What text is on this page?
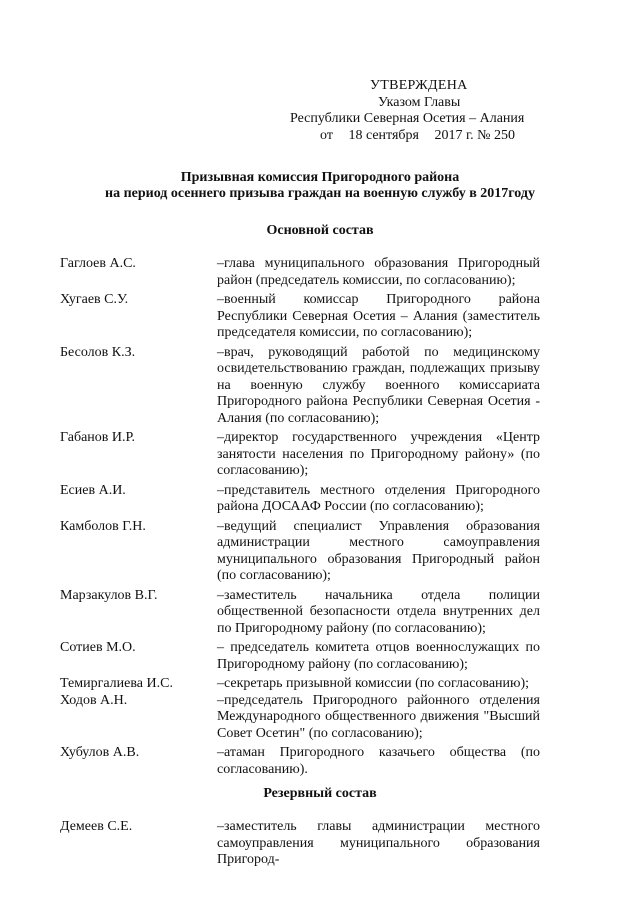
УТВЕРЖДЕНА
Указом Главы
Республики Северная Осетия – Алания
от 18 сентября 2017 г. № 250
Призывная комиссия Пригородного района
на период осеннего призыва граждан на военную службу в 2017году
Основной состав
Гаглоев А.С.	–глава муниципального образования Пригородный район (председатель комиссии, по согласованию);
Хугаев С.У.	–военный комиссар Пригородного района Республики Северная Осетия – Алания (заместитель председателя комиссии, по согласованию);
Бесолов К.З.	–врач, руководящий работой по медицинскому освидетельствованию граждан, подлежащих призыву на военную службу военного комиссариата Пригородного района Республики Северная Осетия - Алания (по согласованию);
Габанов И.Р.	–директор государственного учреждения «Центр занятости населения по Пригородному району» (по согласованию);
Есиев А.И.	–представитель местного отделения Пригородного района ДОСААФ России (по согласованию);
Камболов Г.Н.	–ведущий специалист Управления образования администрации местного самоуправления муниципального образования Пригородный район (по согласованию);
Марзакулов В.Г.	–заместитель начальника отдела полиции общественной безопасности отдела внутренних дел по Пригородному району (по согласованию);
Сотиев М.О.	– председатель комитета отцов военнослужащих по Пригородному району (по согласованию);
Темиргалиева И.С.	–секретарь призывной комиссии (по согласованию);
Ходов А.Н.	–председатель Пригородного районного отделения Международного общественного движения "Высший Совет Осетин" (по согласованию);
Хубулов А.В.	–атаман Пригородного казачьего общества (по согласованию).
Резервный состав
Демеев С.Е.	–заместитель главы администрации местного самоуправления муниципального образования Пригород-
